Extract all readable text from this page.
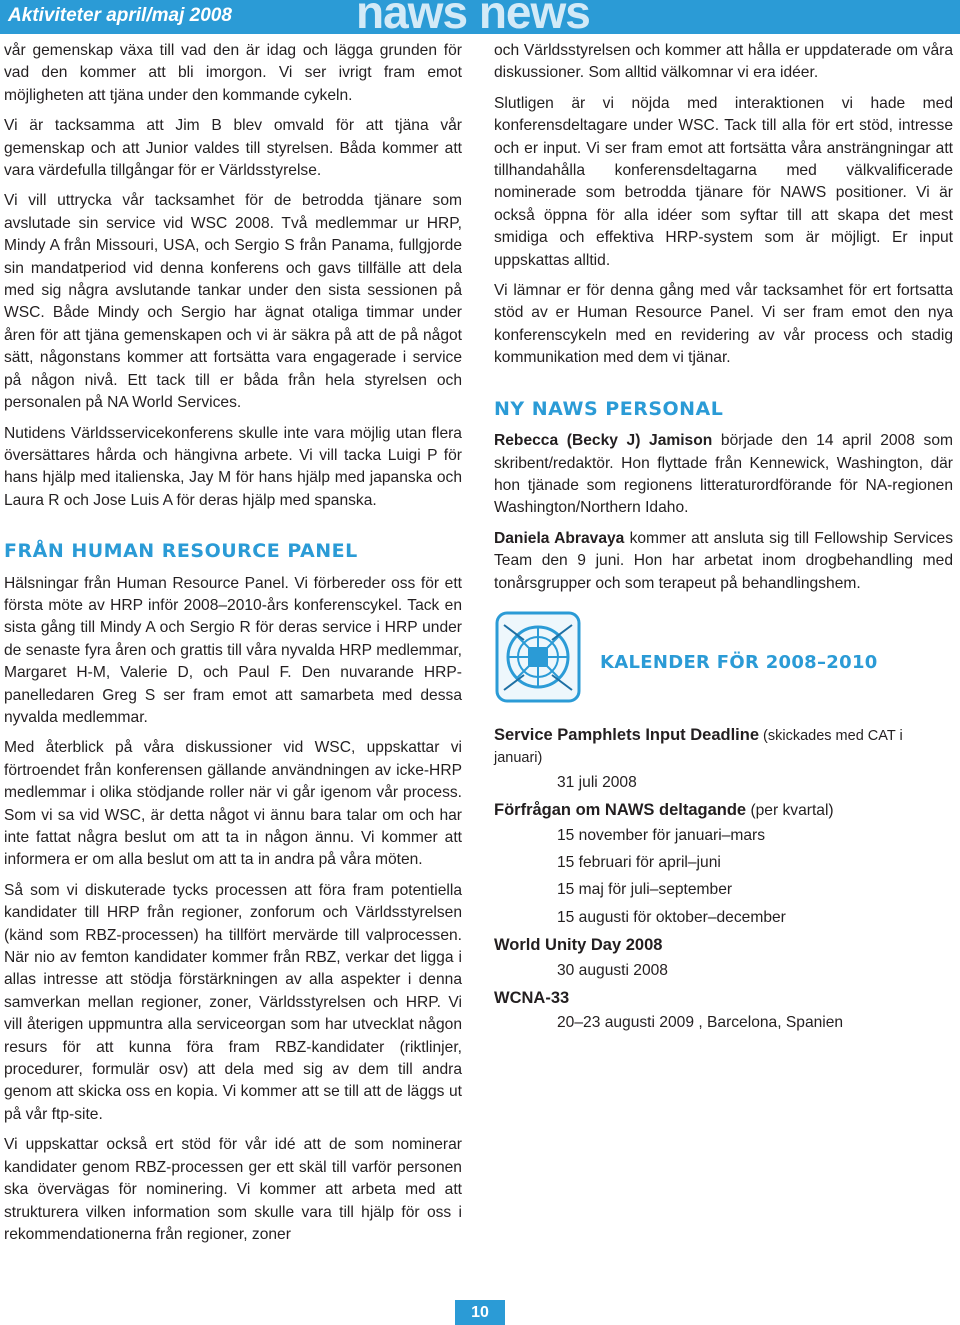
Aktiviteter april/maj 2008	naws news

vår gemenskap växa till vad den är idag och lägga grunden för vad den kommer att bli imorgon. Vi ser ivrigt fram emot möjligheten att tjäna under den kommande cykeln.

Vi är tacksamma att Jim B blev omvald för att tjäna vår gemenskap och att Junior valdes till styrelsen. Båda kommer att vara värdefulla tillgångar för er Världsstyrelse.

Vi vill uttrycka vår tacksamhet för de betrodda tjänare som avslutade sin service vid WSC 2008. Två medlemmar ur HRP, Mindy A från Missouri, USA, och Sergio S från Panama, fullgjorde sin mandatperiod vid denna konferens och gavs tillfälle att dela med sig några avslutande tankar under den sista sessionen på WSC. Både Mindy och Sergio har ägnat otaliga timmar under åren för att tjäna gemenskapen och vi är säkra på att de på något sätt, någonstans kommer att fortsätta vara engagerade i service på någon nivå. Ett tack till er båda från hela styrelsen och personalen på NA World Services.

Nutidens Världsservicekonferens skulle inte vara möjlig utan flera översättares hårda och hängivna arbete. Vi vill tacka Luigi P för hans hjälp med italienska, Jay M för hans hjälp med japanska och Laura R och Jose Luis A för deras hjälp med spanska.

FRÅN HUMAN RESOURCE PANEL

Hälsningar från Human Resource Panel. Vi förbereder oss för ett första möte av HRP inför 2008–2010-års konferenscykel. Tack en sista gång till Mindy A och Sergio R för deras service i HRP under de senaste fyra åren och grattis till våra nyvalda HRP medlemmar, Margaret H-M, Valerie D, och Paul F. Den nuvarande HRP-panelledaren Greg S ser fram emot att samarbeta med dessa nyvalda medlemmar.

Med återblick på våra diskussioner vid WSC, uppskattar vi förtroendet från konferensen gällande användningen av icke-HRP medlemmar i olika stödjande roller när vi går igenom vår process. Som vi sa vid WSC, är detta något vi ännu bara talar om och har inte fattat några beslut om att ta in någon ännu. Vi kommer att informera er om alla beslut om att ta in andra på våra möten.

Så som vi diskuterade tycks processen att föra fram potentiella kandidater till HRP från regioner, zonforum och Världsstyrelsen (känd som RBZ-processen) ha tillfört mervärde till valprocessen. När nio av femton kandidater kommer från RBZ, verkar det ligga i allas intresse att stödja förstärkningen av alla aspekter i denna samverkan mellan regioner, zoner, Världsstyrelsen och HRP. Vi vill återigen uppmuntra alla serviceorgan som har utvecklat någon resurs för att kunna föra fram RBZ-kandidater (riktlinjer, procedurer, formulär osv) att dela med sig av dem till andra genom att skicka oss en kopia. Vi kommer att se till att de läggs ut på vår ftp-site.

Vi uppskattar också ert stöd för vår idé att de som nominerar kandidater genom RBZ-processen ger ett skäl till varför personen ska övervägas för nominering. Vi kommer att arbeta med att strukturera vilken information som skulle vara till hjälp för oss i rekommendationerna från regioner, zoner

och Världsstyrelsen och kommer att hålla er uppdaterade om våra diskussioner. Som alltid välkomnar vi era idéer.

Slutligen är vi nöjda med interaktionen vi hade med konferensdeltagare under WSC. Tack till alla för ert stöd, intresse och er input. Vi ser fram emot att fortsätta våra ansträngningar att tillhandahålla konferensdeltagarna med välkvalificerade nominerade som betrodda tjänare för NAWS positioner. Vi är också öppna för alla idéer som syftar till att skapa det mest smidiga och effektiva HRP-system som är möjligt. Er input uppskattas alltid.

Vi lämnar er för denna gång med vår tacksamhet för ert fortsatta stöd av er Human Resource Panel. Vi ser fram emot den nya konferenscykeln med en revidering av vår process och stadig kommunikation med dem vi tjänar.

NY NAWS PERSONAL

Rebecca (Becky J) Jamison började den 14 april 2008 som skribent/redaktör. Hon flyttade från Kennewick, Washington, där hon tjänade som regionens litteraturordförande för NA-regionen Washington/Northern Idaho.

Daniela Abravaya kommer att ansluta sig till Fellowship Services Team den 9 juni. Hon har arbetat inom drogbehandling med tonårsgrupper och som terapeut på behandlingshem.

KALENDER FÖR 2008–2010
Service Pamphlets Input Deadline (skickades med CAT i januari)
31 juli 2008
Förfrågan om NAWS deltagande (per kvartal)
15 november för januari–mars
15 februari för april–juni
15 maj för juli–september
15 augusti för oktober–december
World Unity Day 2008
30 augusti 2008
WCNA-33
20–23 augusti 2009 , Barcelona, Spanien
10
